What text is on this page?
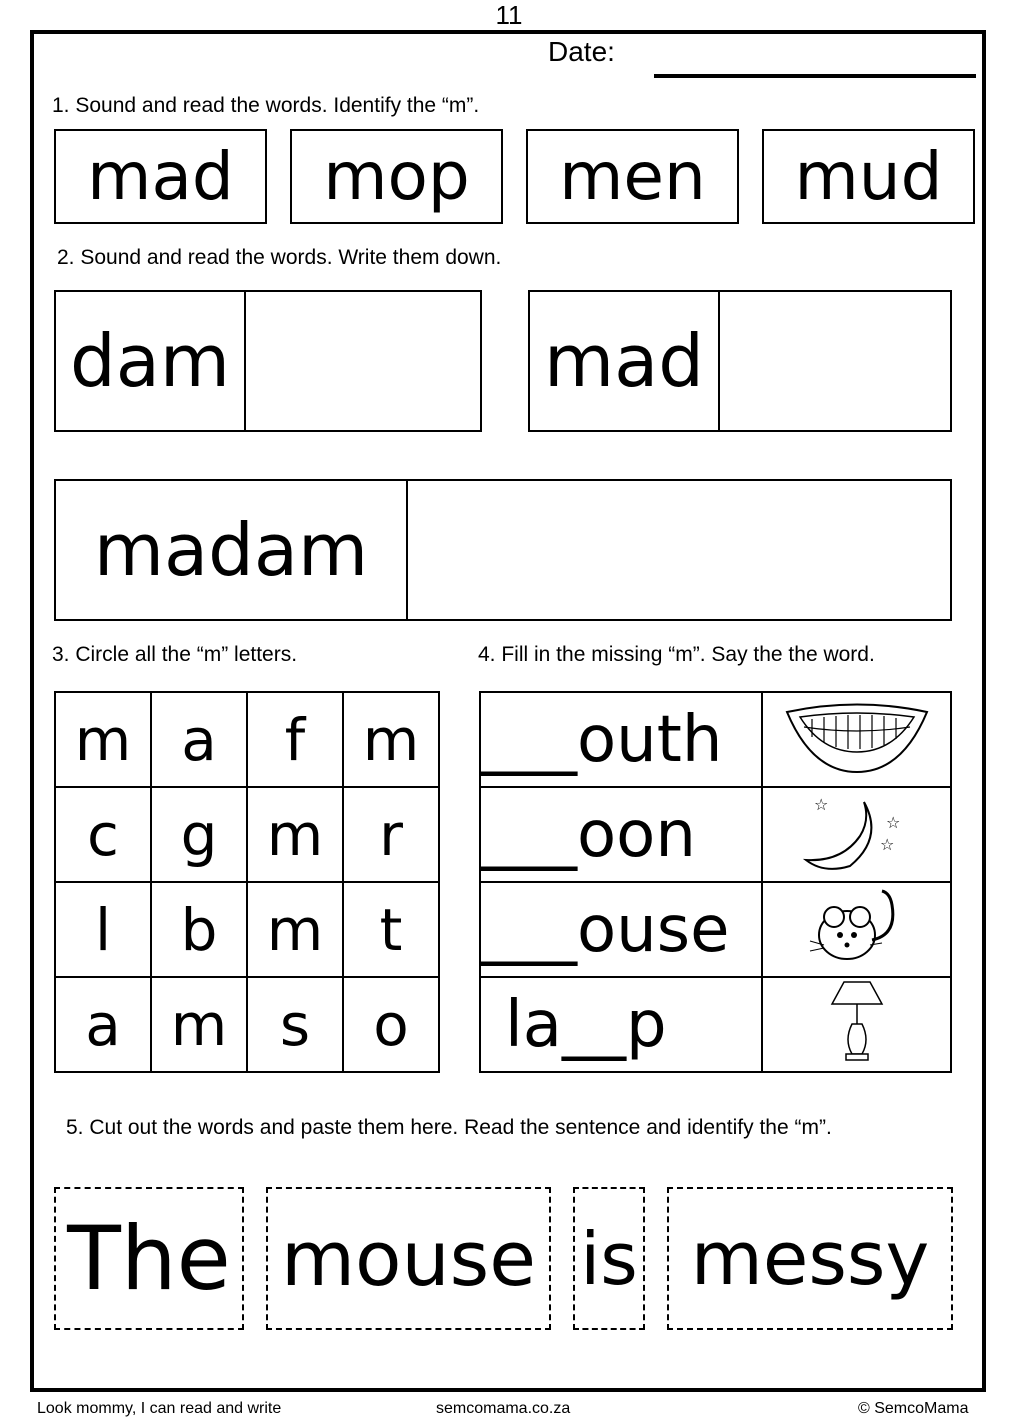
11
Date:
1. Sound and read the words. Identify the “m”.
mad mop men mud
2. Sound and read the words. Write them down.
dam	mad
madam
3. Circle all the “m” letters.
m	a	f	m
c	g	m	r
l	b	m	t
a	m	s	o
4. Fill in the missing “m”. Say the the word.
___outh	
___oon	☆
☆
☆

___ouse	
la__p	
5. Cut out the words and paste them here. Read the sentence and identify the “m”.
The mouse is messy
Look mommy, I can read and write	semcomama.co.za	© SemcoMama
